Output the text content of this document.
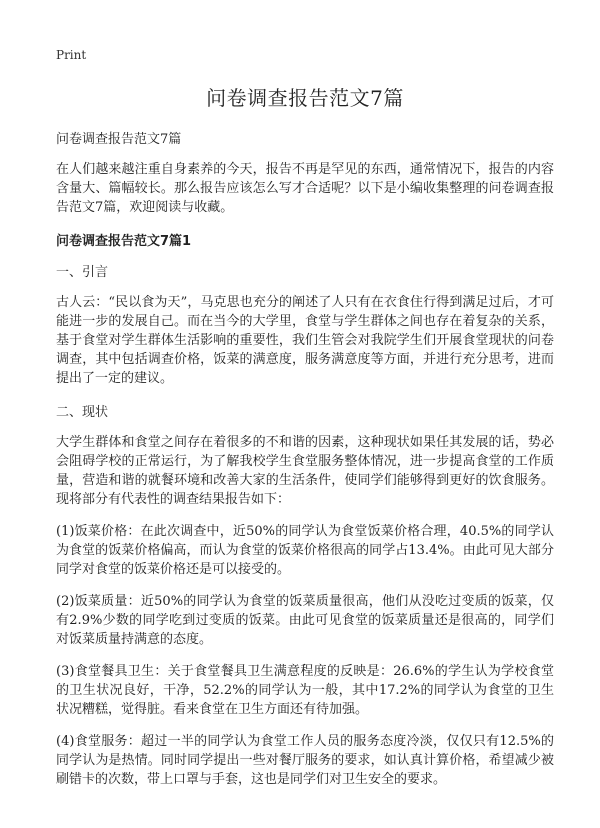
Print
问卷调查报告范文7篇
问卷调查报告范文7篇

在人们越来越注重自身素养的今天，报告不再是罕见的东西，通常情况下，报告的内容含量大、篇幅较长。那么报告应该怎么写才合适呢？以下是小编收集整理的问卷调查报告范文7篇，欢迎阅读与收藏。

问卷调查报告范文7篇1
一、引言

古人云：“民以食为天”，马克思也充分的阐述了人只有在衣食住行得到满足过后，才可能进一步的发展自己。而在当今的大学里，食堂与学生群体之间也存在着复杂的关系，基于食堂对学生群体生活影响的重要性，我们生管会对我院学生们开展食堂现状的问卷调查，其中包括调查价格，饭菜的满意度，服务满意度等方面，并进行充分思考，进而提出了一定的建议。

二、现状

大学生群体和食堂之间存在着很多的不和谐的因素，这种现状如果任其发展的话，势必会阻碍学校的正常运行，为了解我校学生食堂服务整体情况，进一步提高食堂的工作质量，营造和谐的就餐环境和改善大家的生活条件，使同学们能够得到更好的饮食服务。现将部分有代表性的调查结果报告如下：

(1)饭菜价格：在此次调查中，近50%的同学认为食堂饭菜价格合理，40.5%的同学认为食堂的饭菜价格偏高，而认为食堂的饭菜价格很高的同学占13.4%。由此可见大部分同学对食堂的饭菜价格还是可以接受的。

(2)饭菜质量：近50%的同学认为食堂的饭菜质量很高，他们从没吃过变质的饭菜，仅有2.9%少数的同学吃到过变质的饭菜。由此可见食堂的饭菜质量还是很高的，同学们对饭菜质量持满意的态度。

(3)食堂餐具卫生：关于食堂餐具卫生满意程度的反映是：26.6%的学生认为学校食堂的卫生状况良好，干净，52.2%的同学认为一般，其中17.2%的同学认为食堂的卫生状况糟糕，觉得脏。看来食堂在卫生方面还有待加强。

(4)食堂服务：超过一半的同学认为食堂工作人员的服务态度冷淡，仅仅只有12.5%的同学认为是热情。同时同学提出一些对餐厅服务的要求，如认真计算价格，希望减少被刷错卡的次数，带上口罩与手套，这也是同学们对卫生安全的要求。
